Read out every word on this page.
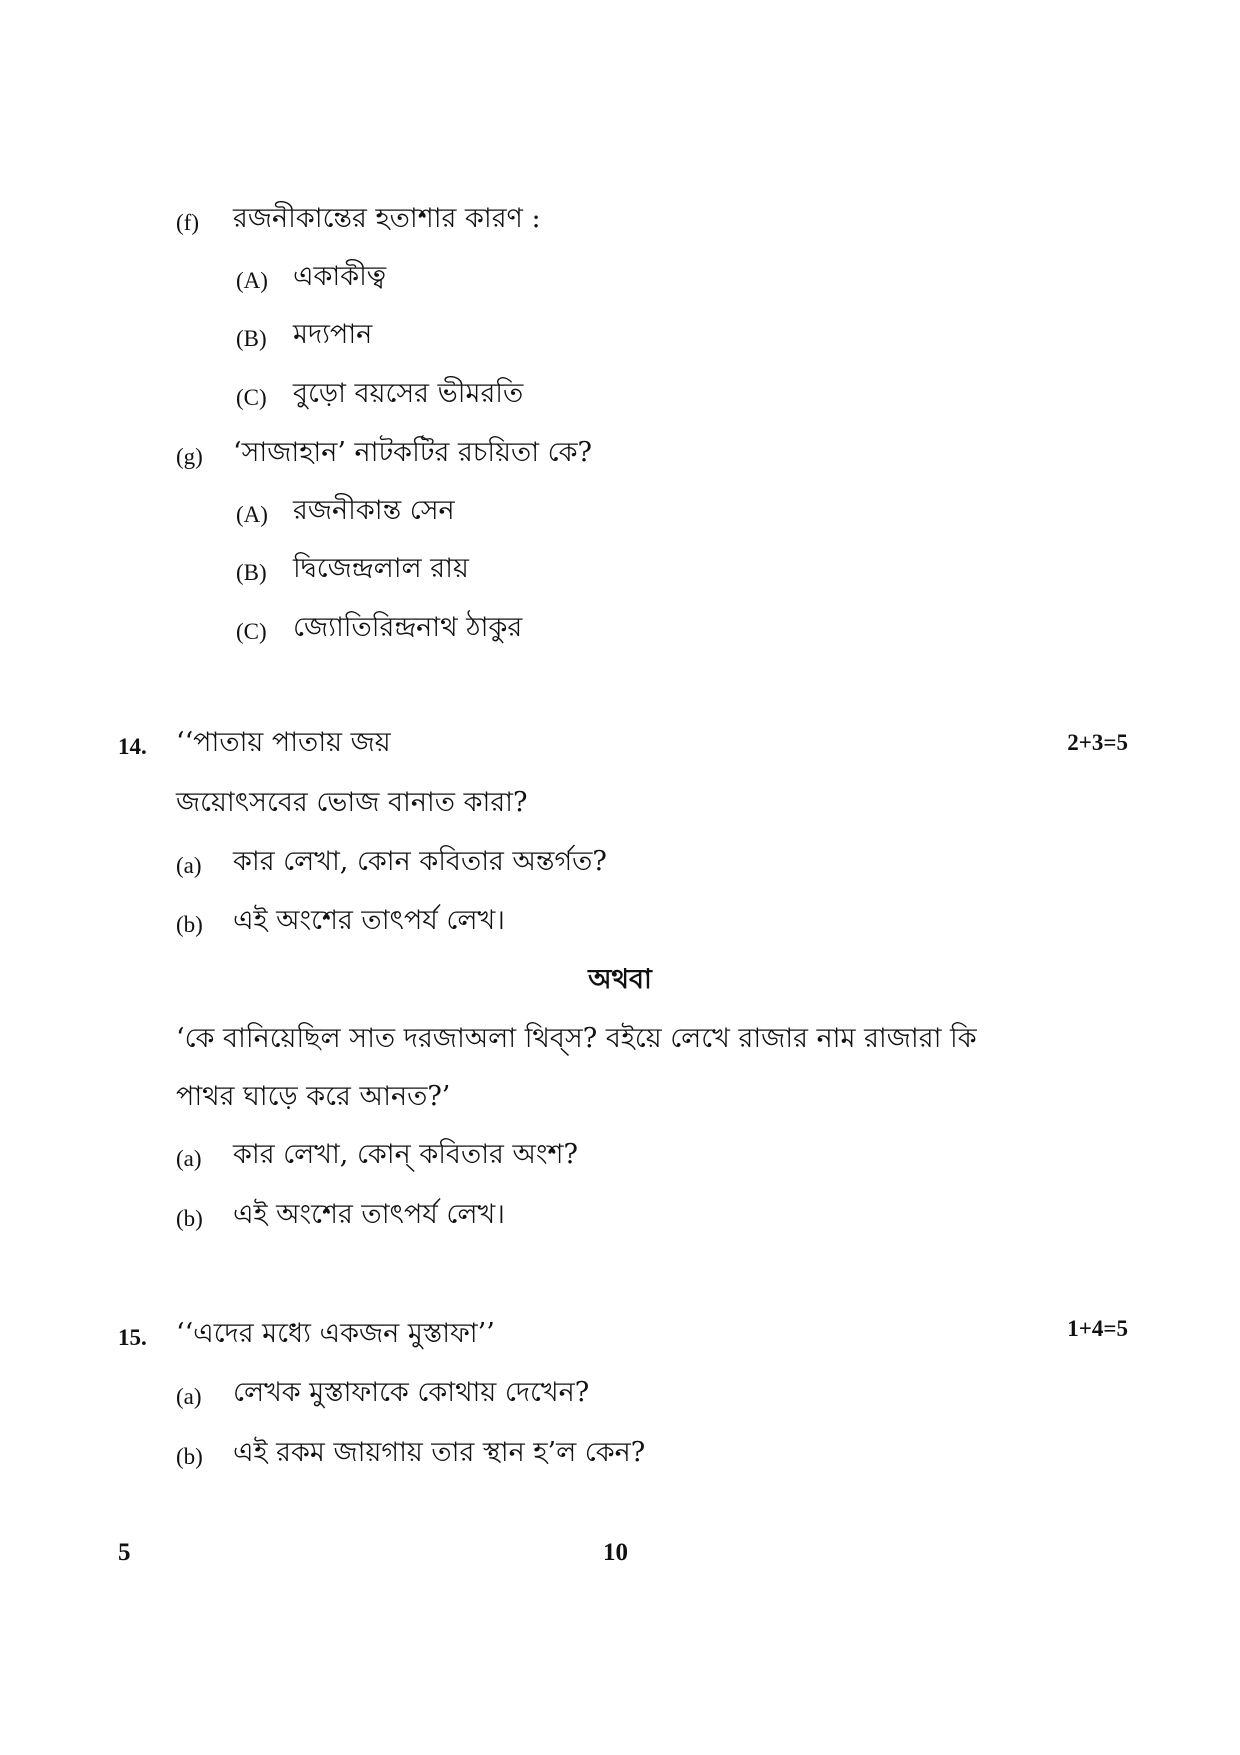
(f) রজনীকান্তের হতাশার কারণ :
(A) একাকীত্ব
(B) মদ্যপান
(C) বুড়ো বয়সের ভীমরতি
(g) ‘সাজাহান’ নাটকটির রচয়িতা কে?
(A) রজনীকান্ত সেন
(B) দ্বিজেন্দ্রলাল রায়
(C) জ্যোতিরিন্দ্রনাথ ঠাকুর
14. ‘‘পাতায় পাতায় জয়	2+3=5
জয়োৎসবের ভোজ বানাত কারা?
(a) কার লেখা, কোন কবিতার অন্তর্গত?
(b) এই অংশের তাৎপর্য লেখ।
অথবা
‘কে বানিয়েছিল সাত দরজাঅলা থিব্‌স? বইয়ে লেখে রাজার নাম রাজারা কি
পাথর ঘাড়ে করে আনত?’
(a) কার লেখা, কোন্‌ কবিতার অংশ?
(b) এই অংশের তাৎপর্য লেখ।
15. ‘‘এদের মধ্যে একজন মুস্তাফা’’	1+4=5
(a) লেখক মুস্তাফাকে কোথায় দেখেন?
(b) এই রকম জায়গায় তার স্থান হ’ল কেন?
5	10
